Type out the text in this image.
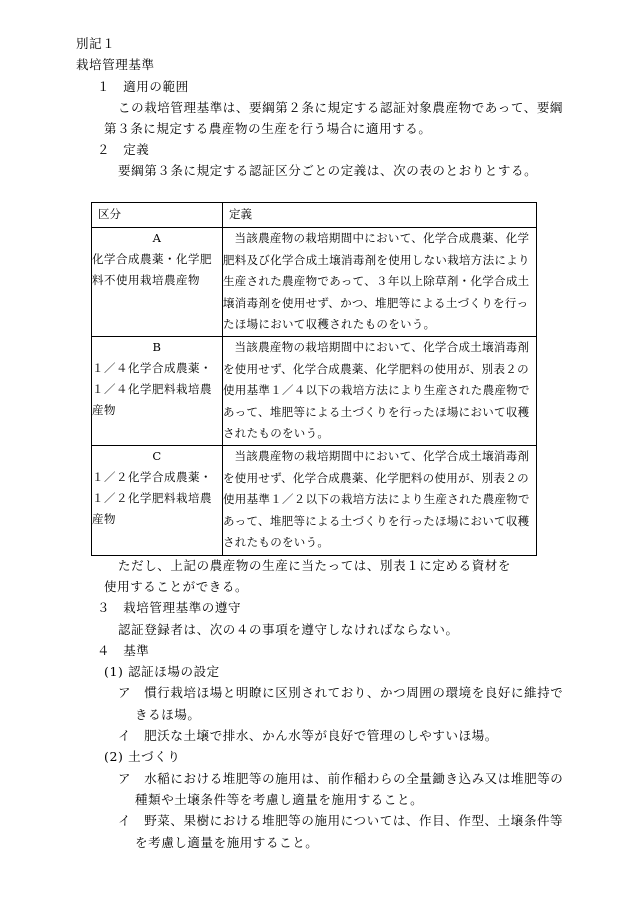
別記１
栽培管理基準
１　適用の範囲
この栽培管理基準は、要綱第２条に規定する認証対象農産物であって、要綱
第３条に規定する農産物の生産を行う場合に適用する。
２　定義
要綱第３条に規定する認証区分ごとの定義は、次の表のとおりとする。
区分	定義

A
化学合成農薬・化学肥料不使用栽培農産物	当該農産物の栽培期間中において、化学合成農薬、化学肥料及び化学合成土壌消毒剤を使用しない栽培方法により生産された農産物であって、３年以上除草剤・化学合成土壌消毒剤を使用せず、かつ、堆肥等による土づくりを行ったほ場において収穫されたものをいう。

B
１／４化学合成農薬・１／４化学肥料栽培農産物	当該農産物の栽培期間中において、化学合成土壌消毒剤を使用せず、化学合成農薬、化学肥料の使用が、別表２の使用基準１／４以下の栽培方法により生産された農産物であって、堆肥等による土づくりを行ったほ場において収穫されたものをいう。

C
１／２化学合成農薬・１／２化学肥料栽培農産物	当該農産物の栽培期間中において、化学合成土壌消毒剤を使用せず、化学合成農薬、化学肥料の使用が、別表２の使用基準１／２以下の栽培方法により生産された農産物であって、堆肥等による土づくりを行ったほ場において収穫されたものをいう。
ただし、上記の農産物の生産に当たっては、別表１に定める資材を
使用することができる。
３　栽培管理基準の遵守
認証登録者は、次の４の事項を遵守しなければならない。
４　基準
(1) 認証ほ場の設定
ア　慣行栽培ほ場と明瞭に区別されており、かつ周囲の環境を良好に維持で
きるほ場。
イ　肥沃な土壌で排水、かん水等が良好で管理のしやすいほ場。
(2) 土づくり
ア　水稲における堆肥等の施用は、前作稲わらの全量鋤き込み又は堆肥等の
種類や土壌条件等を考慮し適量を施用すること。
イ　野菜、果樹における堆肥等の施用については、作目、作型、土壌条件等
を考慮し適量を施用すること。
